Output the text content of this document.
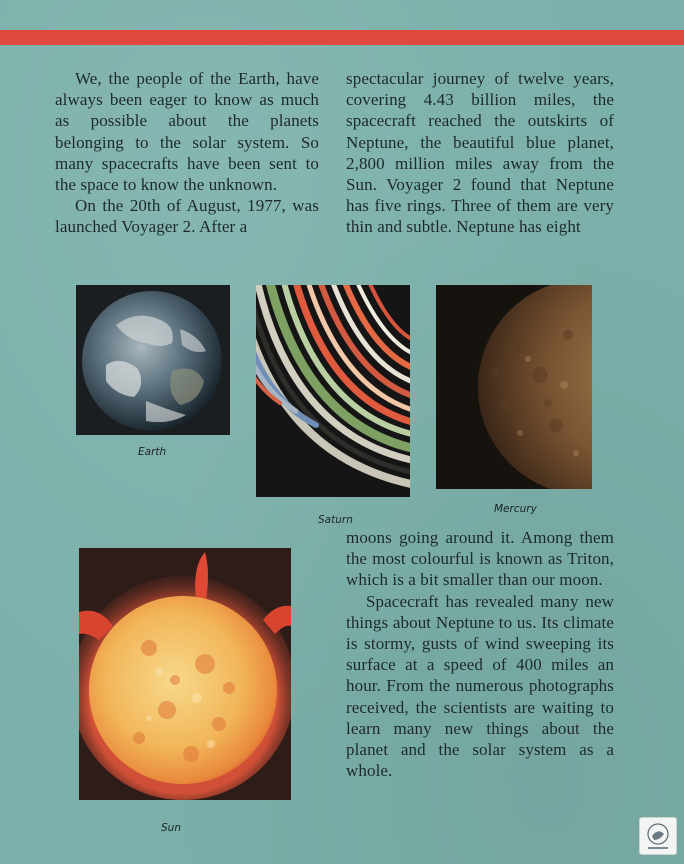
We, the people of the Earth, have always been eager to know as much as possible about the planets belonging to the solar system. So many spacecrafts have been sent to the space to know the unknown.

On the 20th of August, 1977, was launched Voyager 2. After a

spectacular journey of twelve years, covering 4.43 billion miles, the spacecraft reached the outskirts of Neptune, the beautiful blue planet, 2,800 million miles away from the Sun. Voyager 2 found that Neptune has five rings. Three of them are very thin and subtle. Neptune has eight

Earth
Saturn
Mercury
Sun

moons going around it. Among them the most colourful is known as Triton, which is a bit smaller than our moon.

Spacecraft has revealed many new things about Neptune to us. Its climate is stormy, gusts of wind sweeping its surface at a speed of 400 miles an hour. From the numerous photographs received, the scientists are waiting to learn many new things about the planet and the solar system as a whole.
